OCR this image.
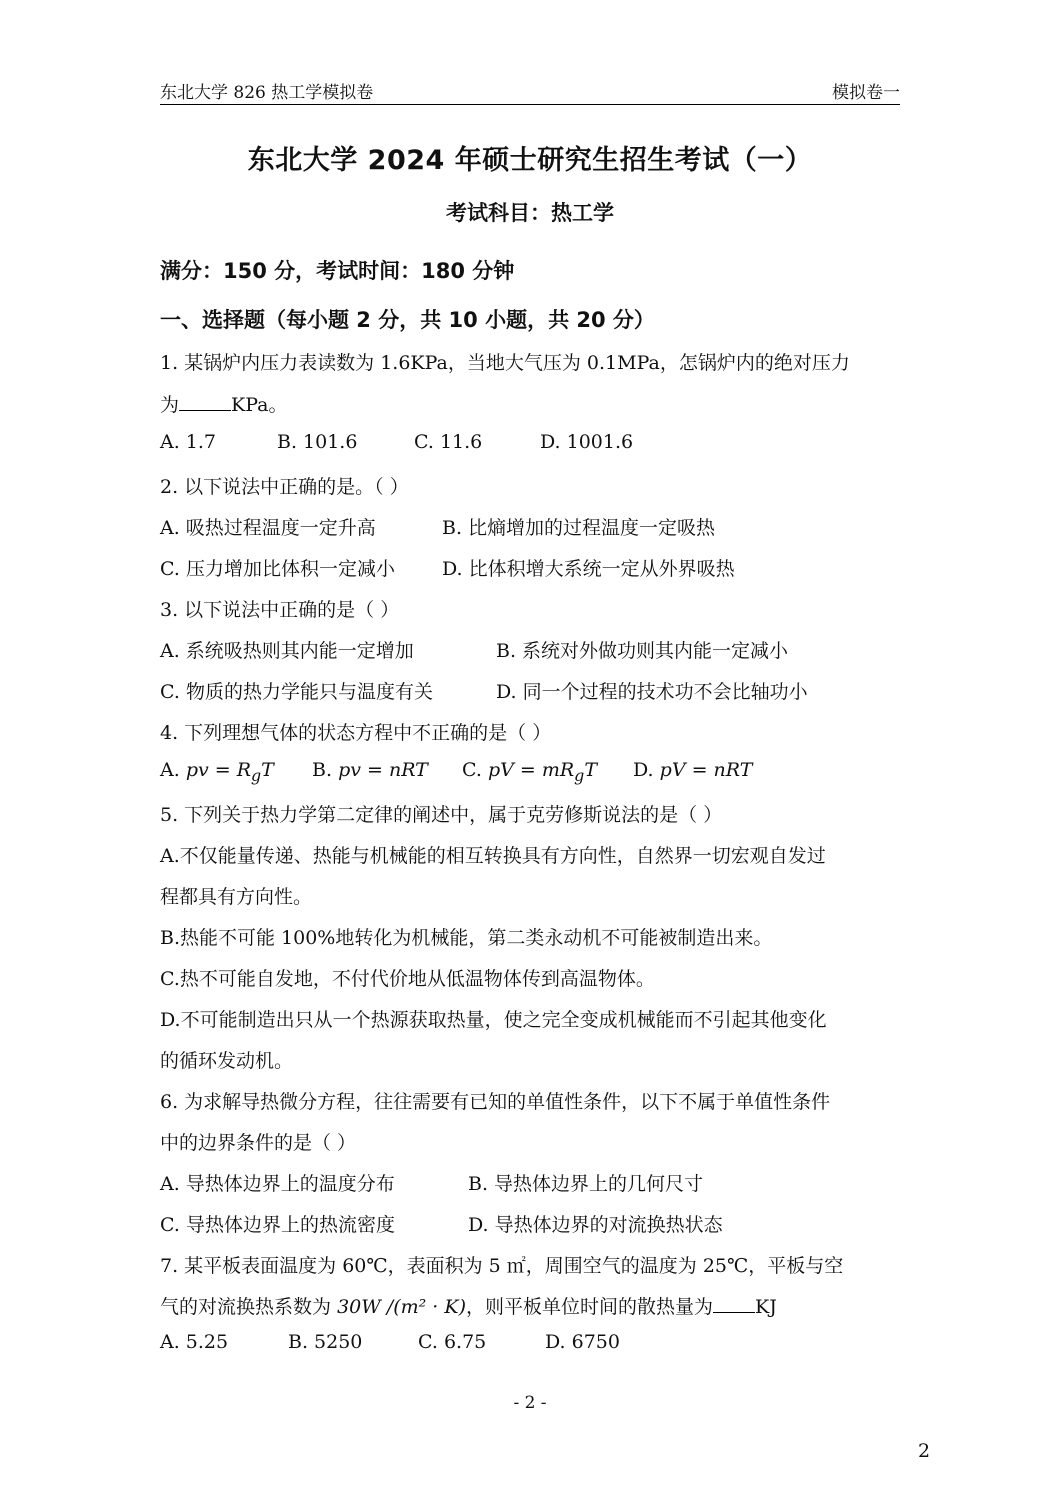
东北大学 826 热工学模拟卷	模拟卷一
东北大学 2024 年硕士研究生招生考试（一）
考试科目：热工学
满分：150 分，考试时间：180 分钟
一、选择题（每小题 2 分，共 10 小题，共 20 分）
1. 某锅炉内压力表读数为 1.6KPa，当地大气压为 0.1MPa，怎锅炉内的绝对压力
为	KPa。
A. 1.7	B. 101.6	C. 11.6	D. 1001.6
2. 以下说法中正确的是。（ ）
A. 吸热过程温度一定升高	B. 比熵增加的过程温度一定吸热
C. 压力增加比体积一定减小 D. 比体积增大系统一定从外界吸热
3. 以下说法中正确的是（ ）
A. 系统吸热则其内能一定增加	B. 系统对外做功则其内能一定减小
C. 物质的热力学能只与温度有关	D. 同一个过程的技术功不会比轴功小
4. 下列理想气体的状态方程中不正确的是（ ）
A. pv = $R_gT$ B. pv = nRT C. pV = $mR_gT$ D. pV = nRT
5. 下列关于热力学第二定律的阐述中，属于克劳修斯说法的是（ ）
A.不仅能量传递、热能与机械能的相互转换具有方向性，自然界一切宏观自发过
程都具有方向性。
B.热能不可能 100%地转化为机械能，第二类永动机不可能被制造出来。
C.热不可能自发地，不付代价地从低温物体传到高温物体。
D.不可能制造出只从一个热源获取热量，使之完全变成机械能而不引起其他变化
的循环发动机。
6. 为求解导热微分方程，往往需要有已知的单值性条件，以下不属于单值性条件
中的边界条件的是（ ）
A. 导热体边界上的温度分布	B. 导热体边界上的几何尺寸
C. 导热体边界上的热流密度	D. 导热体边界的对流换热状态
7. 某平板表面温度为 60℃，表面积为 5 ㎡，周围空气的温度为 25℃，平板与空
气的对流换热系数为 30W /(m² · K)，则平板单位时间的散热量为 KJ
A. 5.25	B. 5250	C. 6.75	D. 6750
- 2 -
2
